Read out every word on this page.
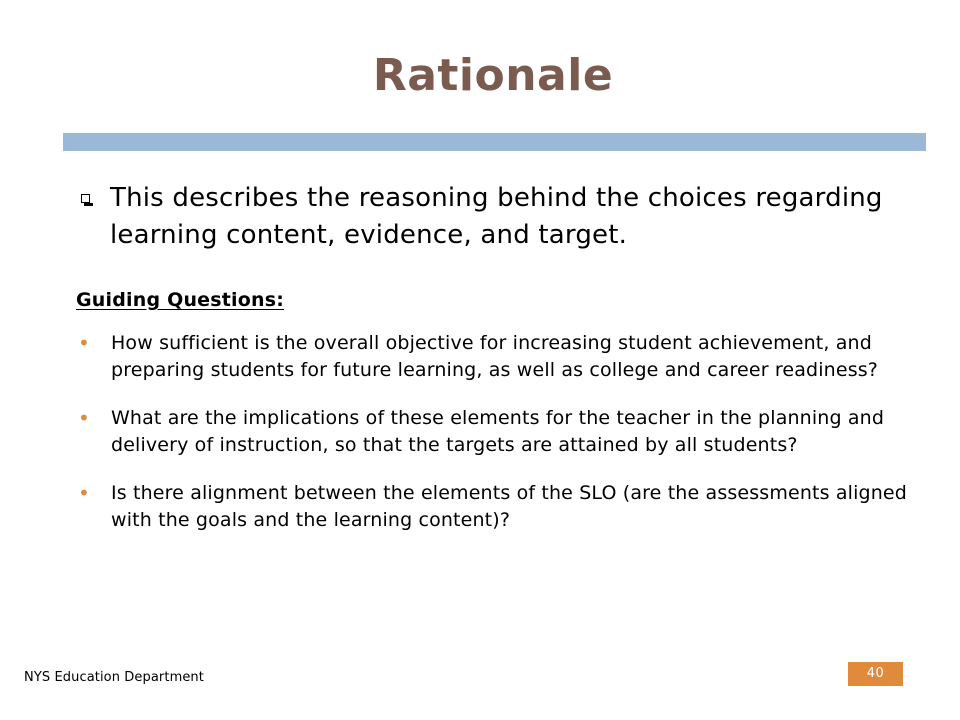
Rationale
This describes the reasoning behind the choices regarding learning content, evidence, and target.
Guiding Questions:
• How sufficient is the overall objective for increasing student achievement, and preparing students for future learning, as well as college and career readiness?
• What are the implications of these elements for the teacher in the planning and delivery of instruction, so that the targets are attained by all students?
• Is there alignment between the elements of the SLO (are the assessments aligned with the goals and the learning content)?
NYS Education Department	40
